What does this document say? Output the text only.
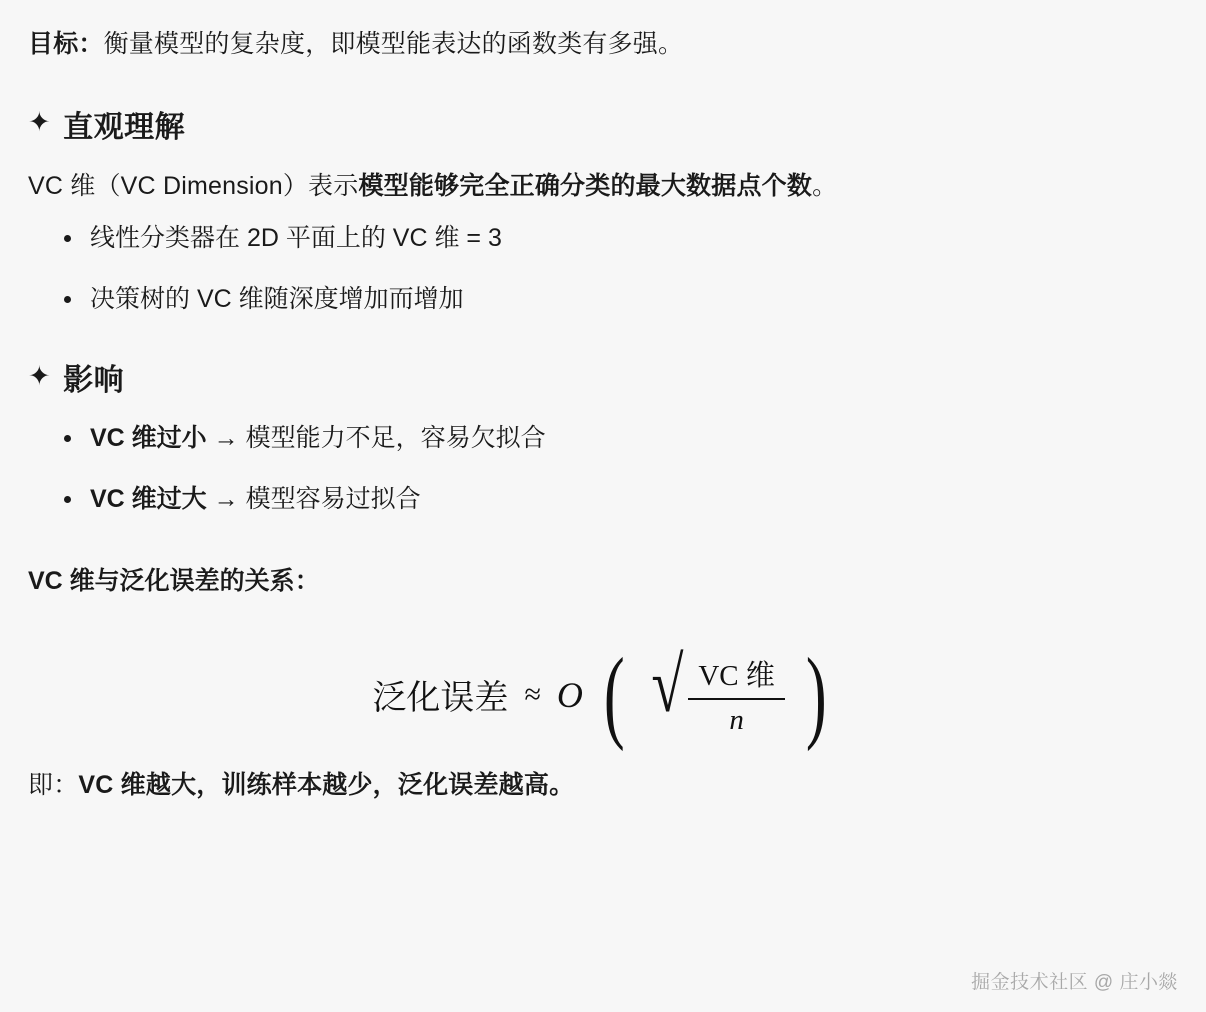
目标：衡量模型的复杂度，即模型能表达的函数类有多强。

✦ 直观理解

VC 维（VC Dimension）表示模型能够完全正确分类的最大数据点个数。

线性分类器在 2D 平面上的 VC 维 = 3
决策树的 VC 维随深度增加而增加
✦ 影响
VC 维过小 → 模型能力不足，容易欠拟合
VC 维过大 → 模型容易过拟合

VC 维与泛化误差的关系：

泛化误差 ≈ O ( √ $\frac{\text{VC 维}}{n}$ )

即：VC 维越大，训练样本越少，泛化误差越高。

掘金技术社区 @ 庄小燚
